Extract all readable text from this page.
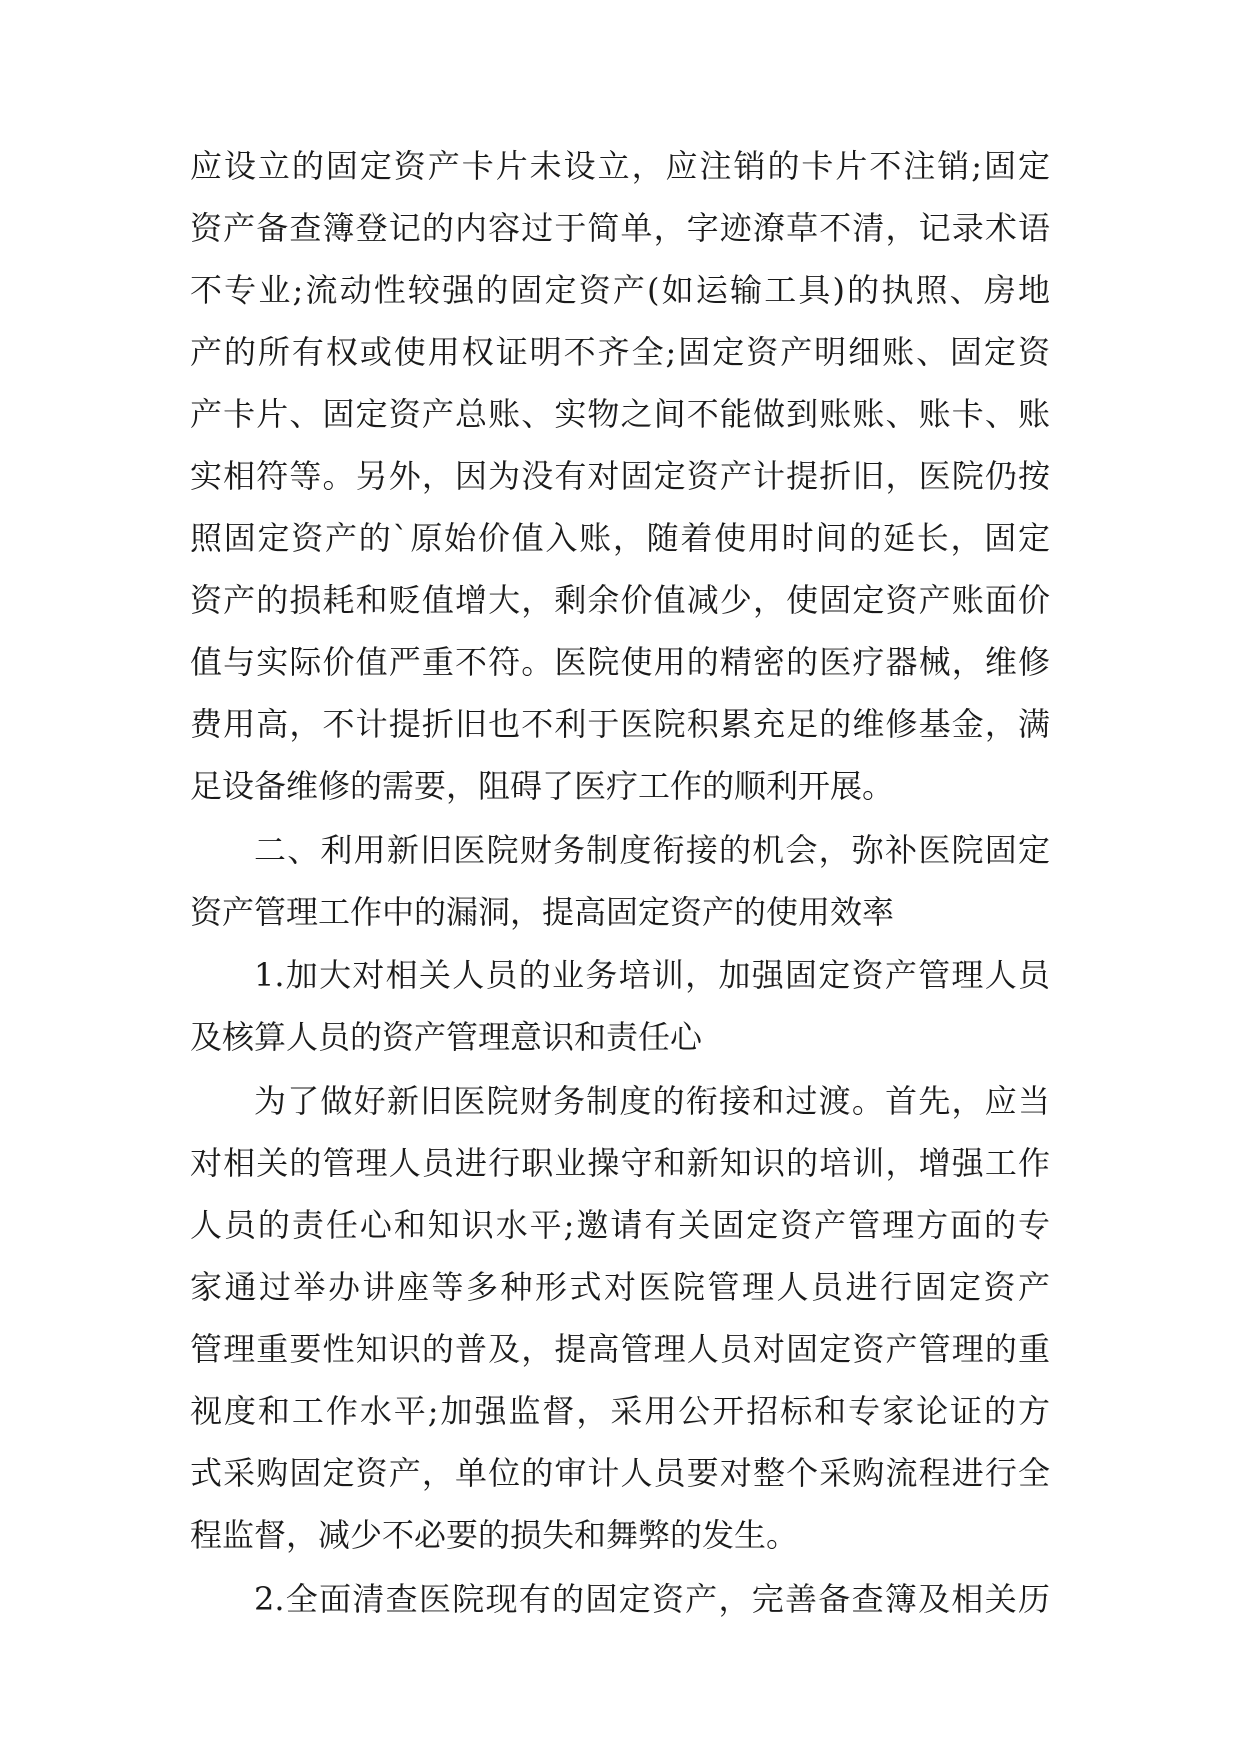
应设立的固定资产卡片未设立，应注销的卡片不注销;固定
资产备查簿登记的内容过于简单，字迹潦草不清，记录术语
不专业;流动性较强的固定资产(如运输工具)的执照、房地
产的所有权或使用权证明不齐全;固定资产明细账、固定资
产卡片、固定资产总账、实物之间不能做到账账、账卡、账
实相符等。另外，因为没有对固定资产计提折旧，医院仍按
照固定资产的`原始价值入账，随着使用时间的延长，固定
资产的损耗和贬值增大，剩余价值减少，使固定资产账面价
值与实际价值严重不符。医院使用的精密的医疗器械，维修
费用高，不计提折旧也不利于医院积累充足的维修基金，满
足设备维修的需要，阻碍了医疗工作的顺利开展。
二、利用新旧医院财务制度衔接的机会，弥补医院固定
资产管理工作中的漏洞，提高固定资产的使用效率
1.加大对相关人员的业务培训，加强固定资产管理人员
及核算人员的资产管理意识和责任心
为了做好新旧医院财务制度的衔接和过渡。首先，应当
对相关的管理人员进行职业操守和新知识的培训，增强工作
人员的责任心和知识水平;邀请有关固定资产管理方面的专
家通过举办讲座等多种形式对医院管理人员进行固定资产
管理重要性知识的普及，提高管理人员对固定资产管理的重
视度和工作水平;加强监督，采用公开招标和专家论证的方
式采购固定资产，单位的审计人员要对整个采购流程进行全
程监督，减少不必要的损失和舞弊的发生。
2.全面清查医院现有的固定资产，完善备查簿及相关历
